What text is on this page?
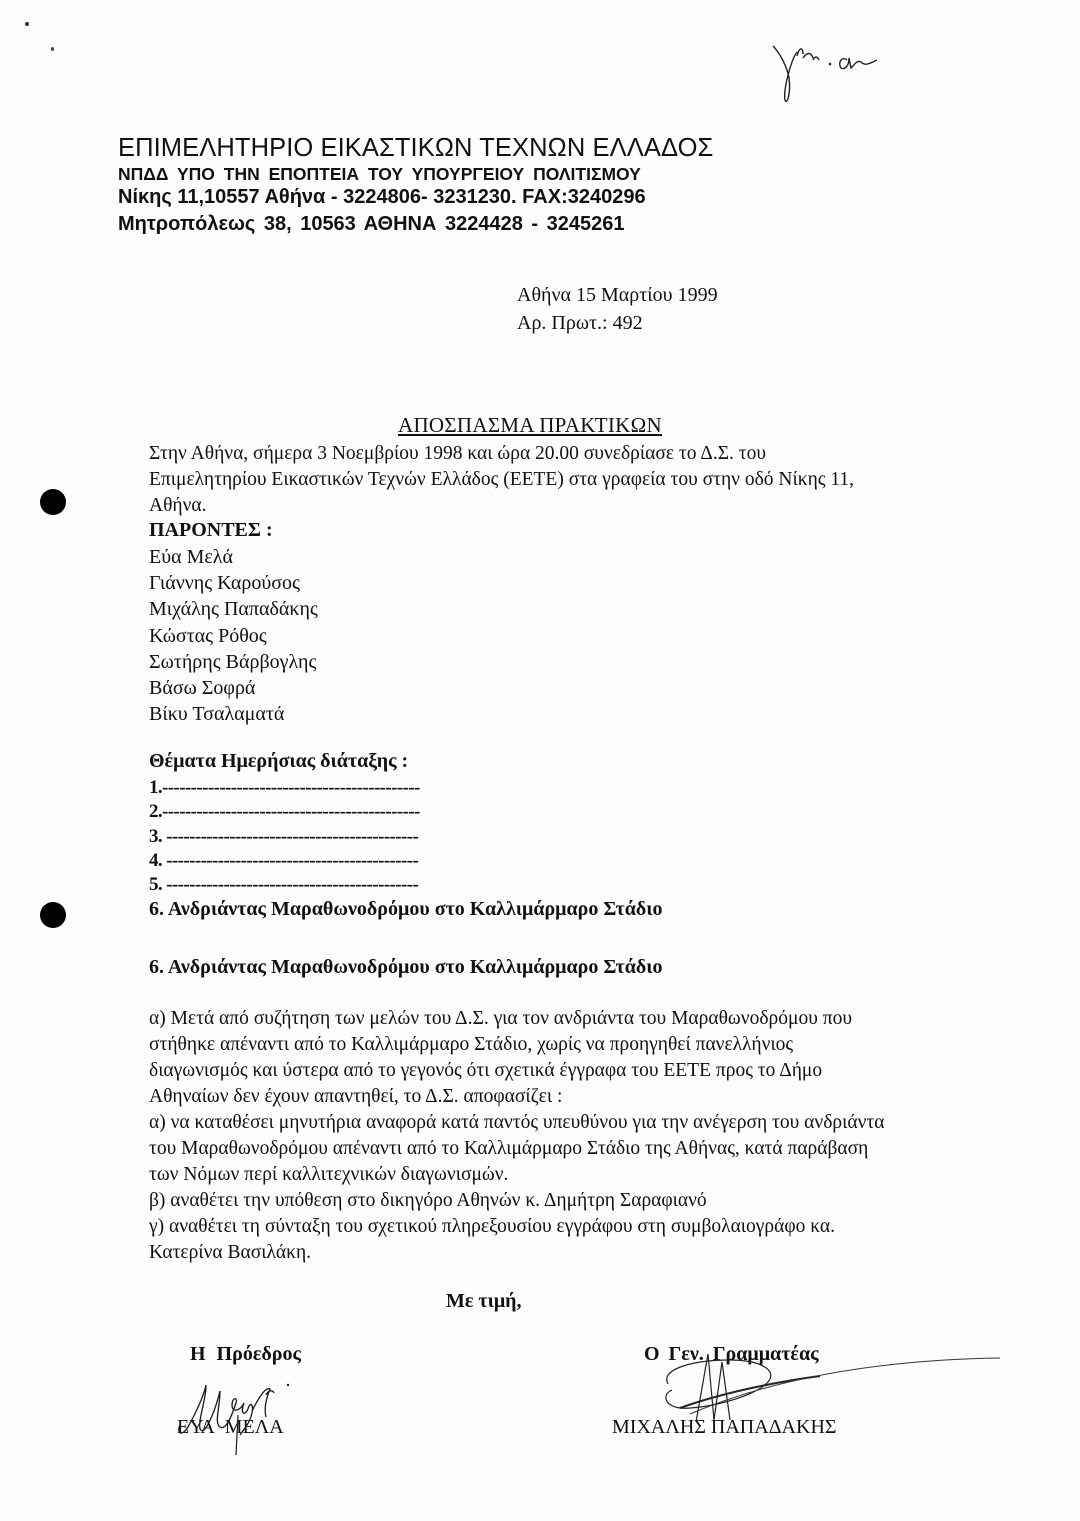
ΕΠΙΜΕΛΗΤΗΡΙΟ ΕΙΚΑΣΤΙΚΩΝ ΤΕΧΝΩΝ ΕΛΛΑΔΟΣ
ΝΠΔΔ ΥΠΟ ΤΗΝ ΕΠΟΠΤΕΙΑ ΤΟΥ ΥΠΟΥΡΓΕΙΟΥ ΠΟΛΙΤΙΣΜΟΥ
Νίκης 11,10557 Αθήνα - 3224806- 3231230. FAX:3240296
Μητροπόλεως 38, 10563 ΑΘΗΝΑ 3224428 - 3245261
Αθήνα 15 Μαρτίου 1999
Αρ. Πρωτ.: 492
ΑΠΟΣΠΑΣΜΑ ΠΡΑΚΤΙΚΩΝ
Στην Αθήνα, σήμερα 3 Νοεμβρίου 1998 και ώρα 20.00 συνεδρίασε το Δ.Σ. του
Επιμελητηρίου Εικαστικών Τεχνών Ελλάδος (ΕΕΤΕ) στα γραφεία του στην οδό Νίκης 11,
Αθήνα.
ΠΑΡΟΝΤΕΣ :
Εύα Μελά
Γιάννης Καρούσος
Μιχάλης Παπαδάκης
Κώστας Ρόθος
Σωτήρης Βάρβογλης
Βάσω Σοφρά
Βίκυ Τσαλαματά
Θέματα Ημερήσιας διάταξης :
1.---------------------------------------------
2.---------------------------------------------
3. --------------------------------------------
4. --------------------------------------------
5. --------------------------------------------
6. Ανδριάντας Μαραθωνοδρόμου στο Καλλιμάρμαρο Στάδιο
6. Ανδριάντας Μαραθωνοδρόμου στο Καλλιμάρμαρο Στάδιο
α) Μετά από συζήτηση των μελών του Δ.Σ. για τον ανδριάντα του Μαραθωνοδρόμου που
στήθηκε απέναντι από το Καλλιμάρμαρο Στάδιο, χωρίς να προηγηθεί πανελλήνιος
διαγωνισμός και ύστερα από το γεγονός ότι σχετικά έγγραφα του ΕΕΤΕ προς το Δήμο
Αθηναίων δεν έχουν απαντηθεί, το Δ.Σ. αποφασίζει :
α) να καταθέσει μηνυτήρια αναφορά κατά παντός υπευθύνου για την ανέγερση του ανδριάντα
του Μαραθωνοδρόμου απέναντι από το Καλλιμάρμαρο Στάδιο της Αθήνας, κατά παράβαση
των Νόμων περί καλλιτεχνικών διαγωνισμών.
β) αναθέτει την υπόθεση στο δικηγόρο Αθηνών κ. Δημήτρη Σαραφιανό
γ) αναθέτει τη σύνταξη του σχετικού πληρεξουσίου εγγράφου στη συμβολαιογράφο κα.
Κατερίνα Βασιλάκη.
Με τιμή,
Η Πρόεδρος
ΕΥΑ ΜΕΛΑ
Ο Γεν. Γραμματέας
ΜΙΧΑΛΗΣ ΠΑΠΑΔΑΚΗΣ
